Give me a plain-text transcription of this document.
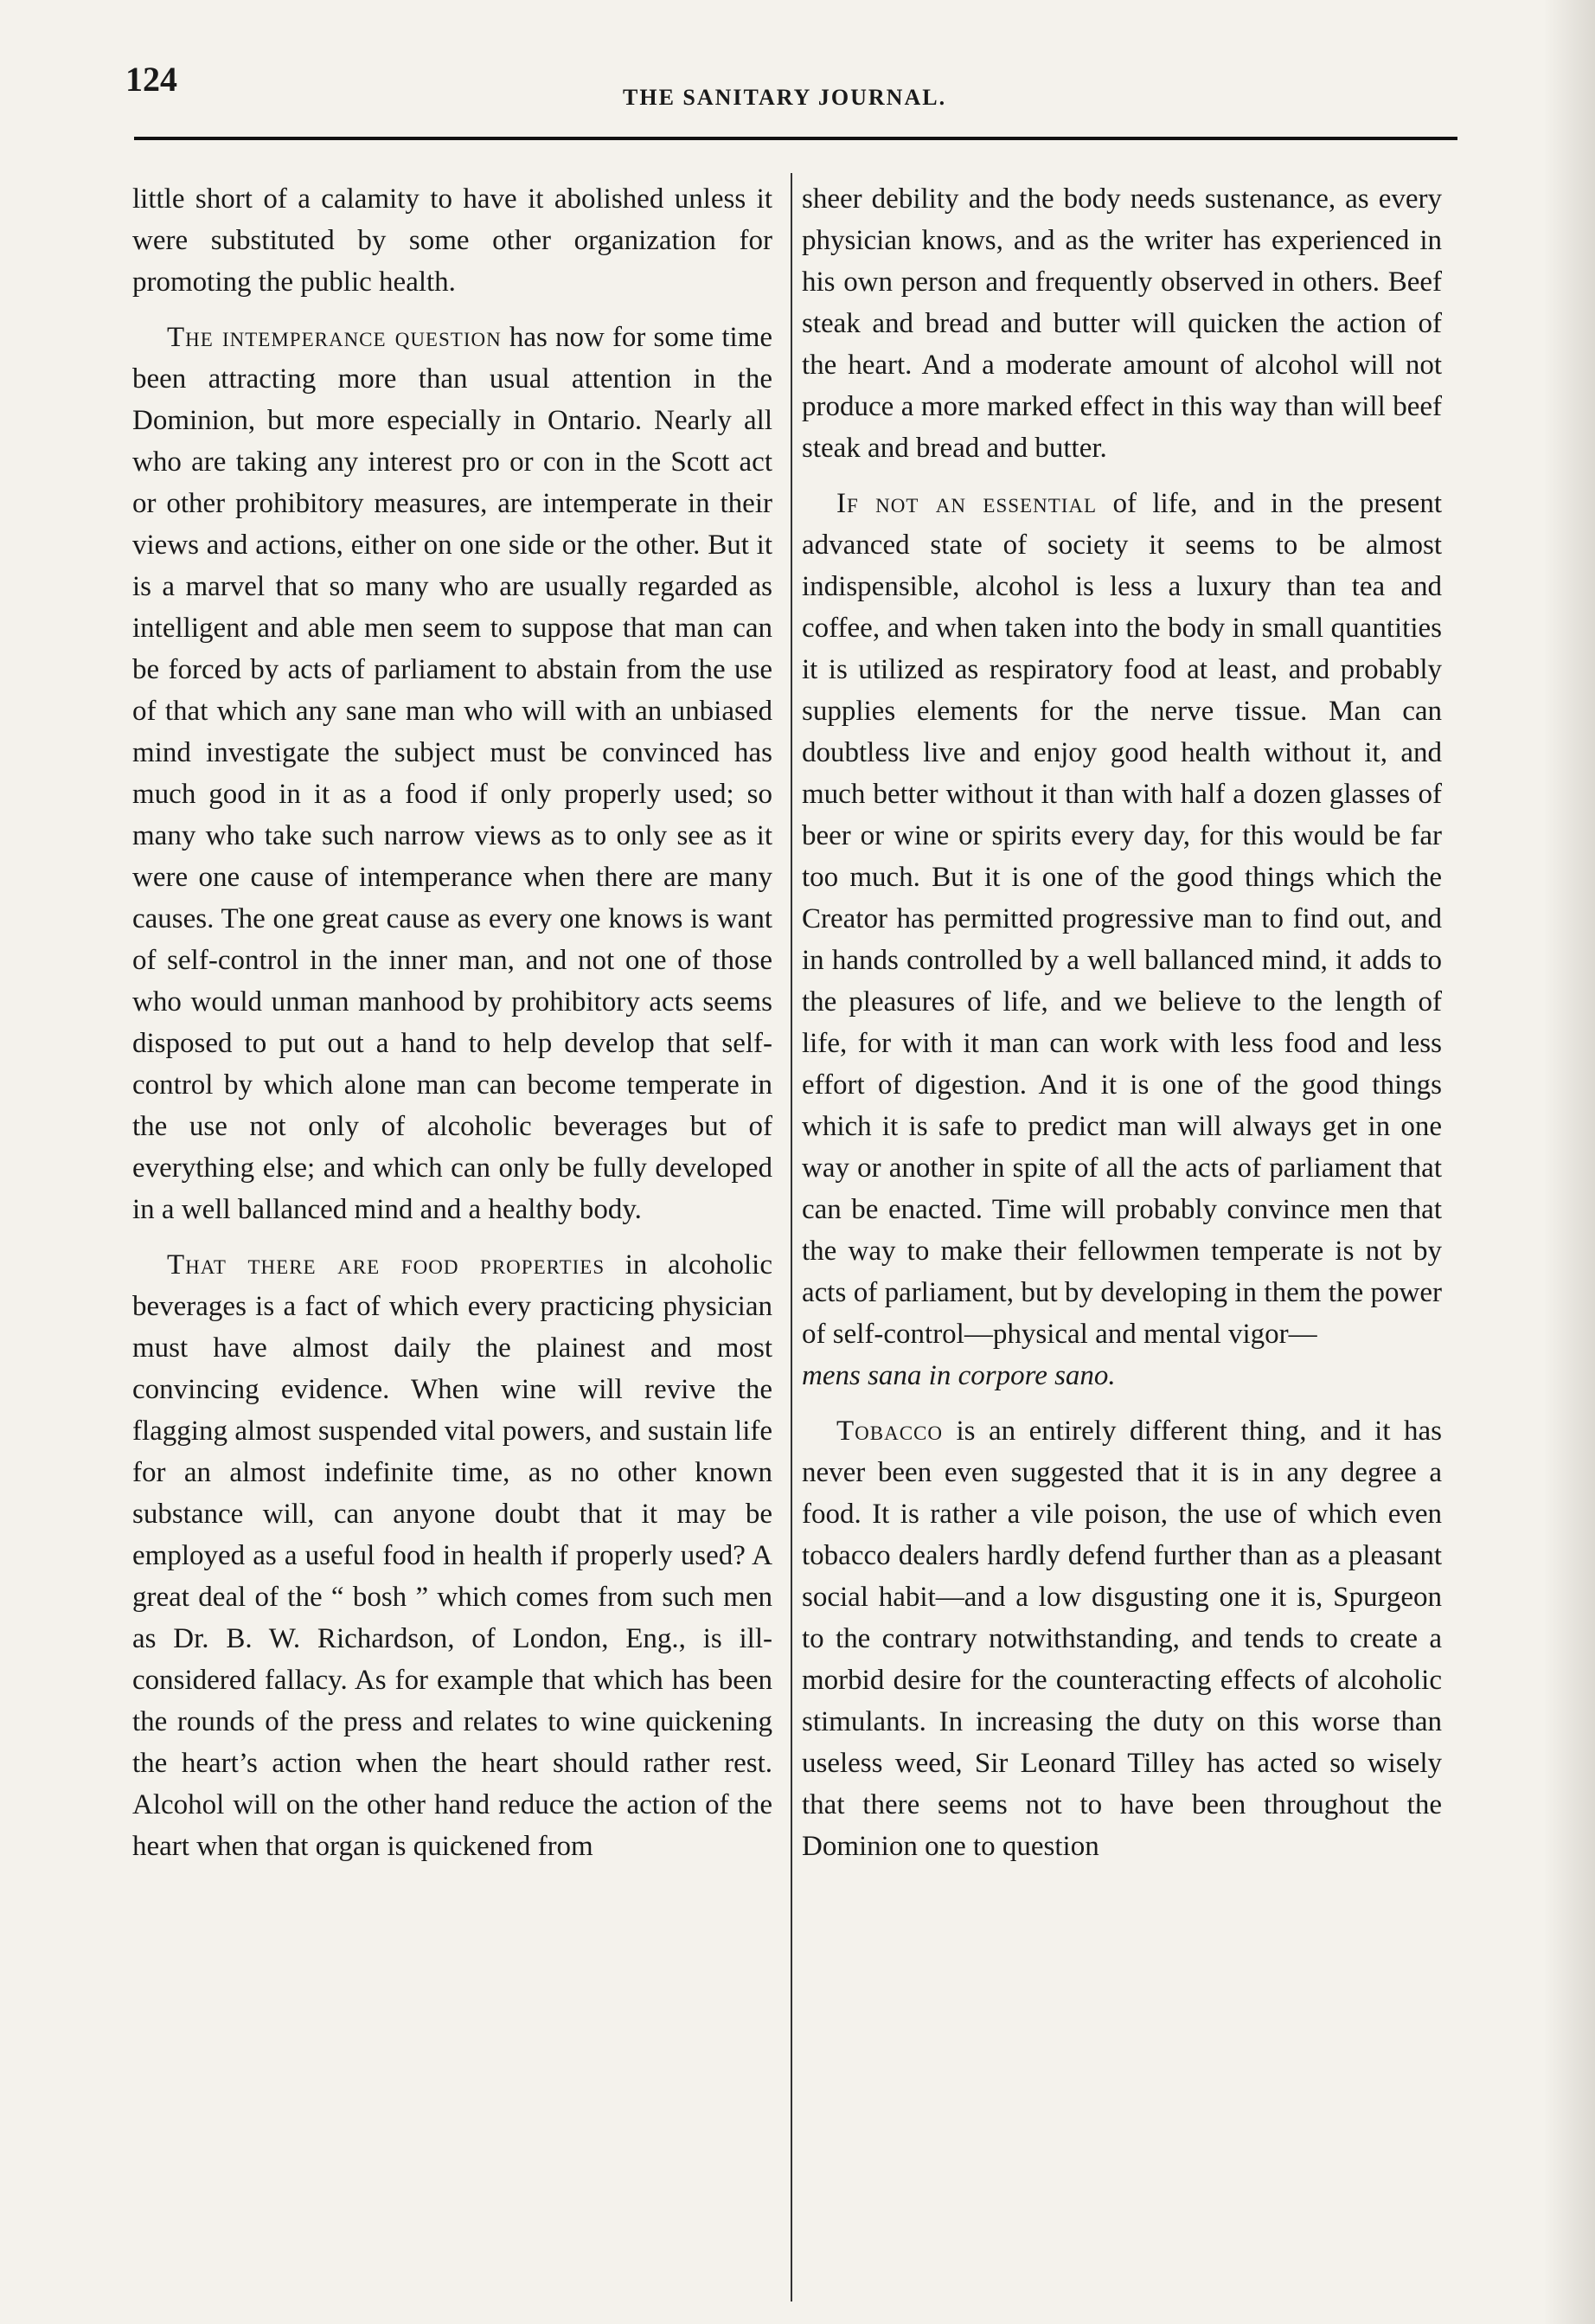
124	THE SANITARY JOURNAL.

little short of a calamity to have it abolished unless it were substituted by some other organization for promoting the public health.

The intemperance question has now for some time been attracting more than usual attention in the Dominion, but more especially in Ontario. Nearly all who are taking any interest pro or con in the Scott act or other prohibitory measures, are intemperate in their views and actions, either on one side or the other. But it is a marvel that so many who are usually regarded as intelligent and able men seem to suppose that man can be forced by acts of parliament to abstain from the use of that which any sane man who will with an unbiased mind investigate the subject must be convinced has much good in it as a food if only properly used; so many who take such narrow views as to only see as it were one cause of intemperance when there are many causes. The one great cause as every one knows is want of self-control in the inner man, and not one of those who would unman manhood by prohibitory acts seems disposed to put out a hand to help develop that self-control by which alone man can become temperate in the use not only of alcoholic beverages but of everything else; and which can only be fully developed in a well ballanced mind and a healthy body.

That there are food properties in alcoholic beverages is a fact of which every practicing physician must have almost daily the plainest and most convincing evidence. When wine will revive the flagging almost suspended vital powers, and sustain life for an almost indefinite time, as no other known substance will, can anyone doubt that it may be employed as a useful food in health if properly used? A great deal of the “ bosh ” which comes from such men as Dr. B. W. Richardson, of London, Eng., is ill-considered fallacy. As for example that which has been the rounds of the press and relates to wine quickening the heart’s action when the heart should rather rest. Alcohol will on the other hand reduce the action of the heart when that organ is quickened from

sheer debility and the body needs sustenance, as every physician knows, and as the writer has experienced in his own person and frequently observed in others. Beef steak and bread and butter will quicken the action of the heart. And a moderate amount of alcohol will not produce a more marked effect in this way than will beef steak and bread and butter.

If not an essential of life, and in the present advanced state of society it seems to be almost indispensible, alcohol is less a luxury than tea and coffee, and when taken into the body in small quantities it is utilized as respiratory food at least, and probably supplies elements for the nerve tissue. Man can doubtless live and enjoy good health without it, and much better without it than with half a dozen glasses of beer or wine or spirits every day, for this would be far too much. But it is one of the good things which the Creator has permitted progressive man to find out, and in hands controlled by a well ballanced mind, it adds to the pleasures of life, and we believe to the length of life, for with it man can work with less food and less effort of digestion. And it is one of the good things which it is safe to predict man will always get in one way or another in spite of all the acts of parliament that can be enacted. Time will probably convince men that the way to make their fellowmen temperate is not by acts of parliament, but by developing in them the power of self-control—physical and mental vigor—
mens sana in corpore sano.

Tobacco is an entirely different thing, and it has never been even suggested that it is in any degree a food. It is rather a vile poison, the use of which even tobacco dealers hardly defend further than as a pleasant social habit—and a low disgusting one it is, Spurgeon to the contrary notwithstanding, and tends to create a morbid desire for the counteracting effects of alcoholic stimulants. In increasing the duty on this worse than useless weed, Sir Leonard Tilley has acted so wisely that there seems not to have been throughout the Dominion one to question
